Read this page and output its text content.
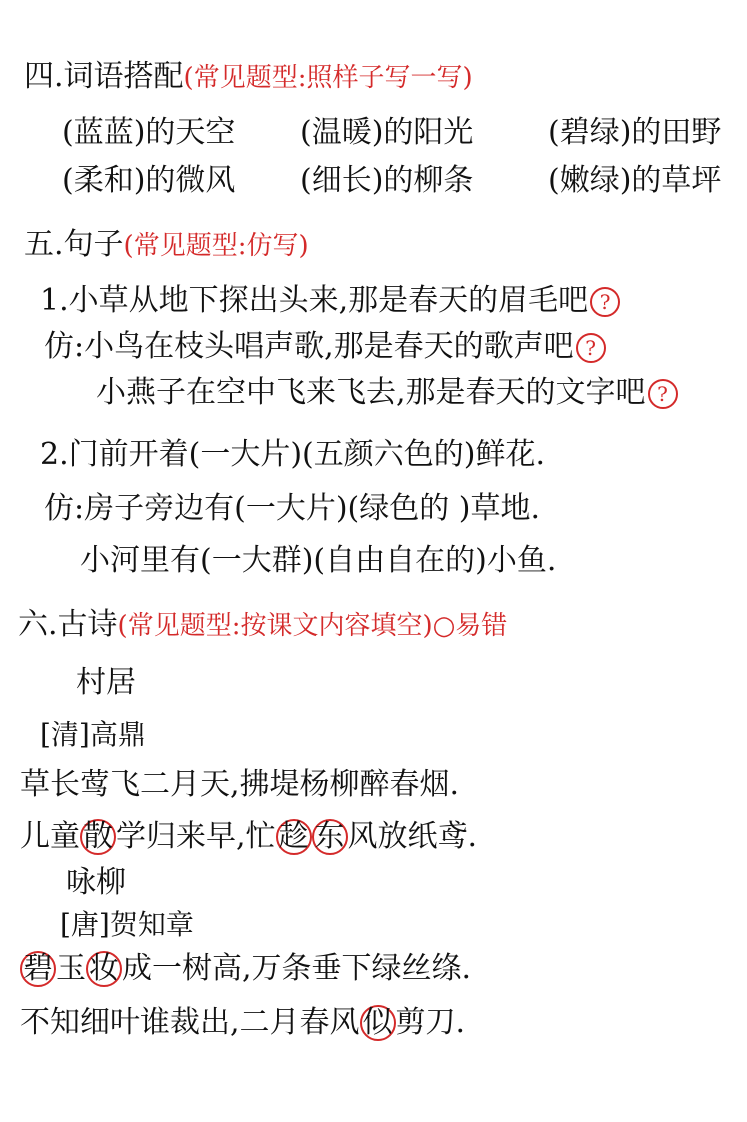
四.词语搭配(常见题型:照样子写一写)
(蓝蓝)的天空 (温暖)的阳光 (碧绿)的田野
(柔和)的微风 (细长)的柳条 (嫩绿)的草坪
五.句子(常见题型:仿写)
1.小草从地下探出头来,那是春天的眉毛吧 ?
仿:小鸟在枝头唱声歌,那是春天的歌声吧 ?
小燕子在空中飞来飞去,那是春天的文字吧 ?
2.门前开着(一大片)(五颜六色的)鲜花.
仿:房子旁边有(一大片)(绿色的 )草地.
小河里有(一大群)(自由自在的)小鱼.
六.古诗(常见题型:按课文内容填空)○易错
村居
[清]高鼎
草长莺飞二月天,拂堤杨柳醉春烟.
儿童 散 学归来早,忙 趁 东 风放纸鸢.
咏柳
[唐]贺知章
碧 玉 妆 成一树高,万条垂下绿丝绦.
不知细叶谁裁出,二月春风 似 剪刀.
